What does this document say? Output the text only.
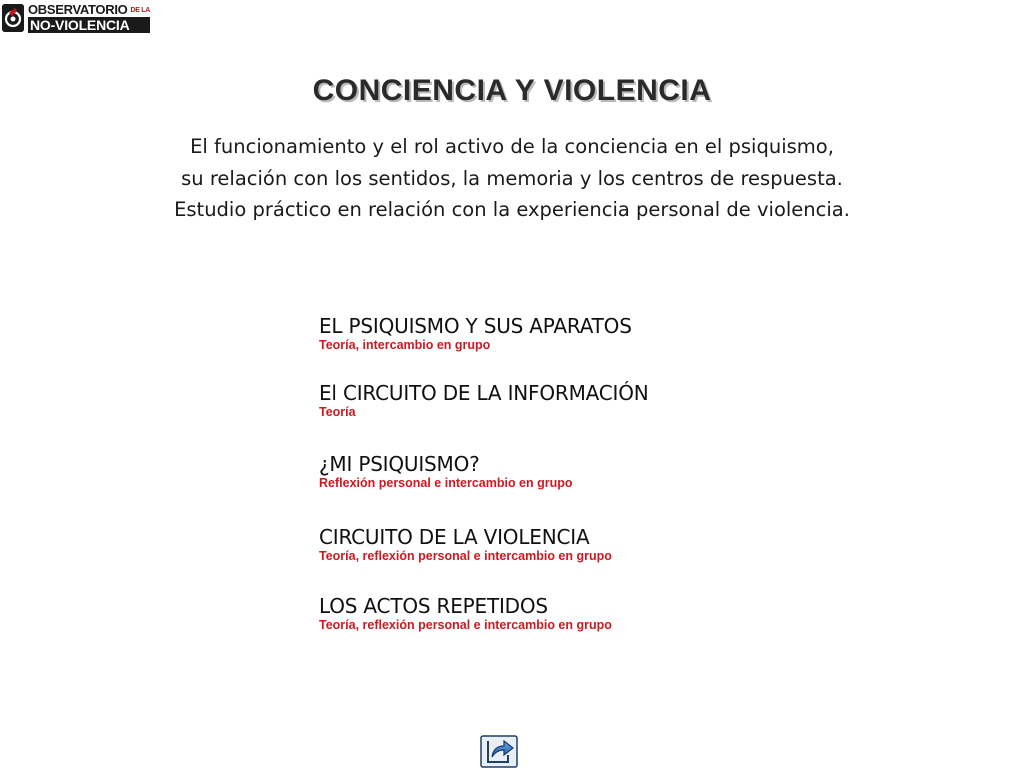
OBSERVATORIO DE LA
NO-VIOLENCIA
CONCIENCIA Y VIOLENCIA
El funcionamiento y el rol activo de la conciencia en el psiquismo,
su relación con los sentidos, la memoria y los centros de respuesta.
Estudio práctico en relación con la experiencia personal de violencia.
EL PSIQUISMO Y SUS APARATOS
Teoría, intercambio en grupo
El CIRCUITO DE LA INFORMACIÓN
Teoría
¿MI PSIQUISMO?
Reflexión personal e intercambio en grupo
CIRCUITO DE LA VIOLENCIA
Teoría, reflexión personal e intercambio en grupo
LOS ACTOS REPETIDOS
Teoría, reflexión personal e intercambio en grupo
